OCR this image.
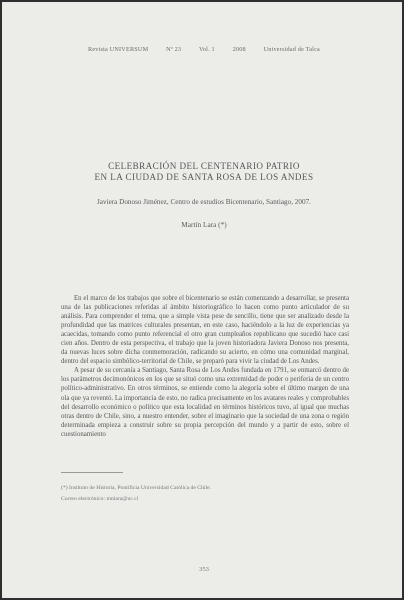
Revista UNIVERSUM	Nº 23	Vol. 1	2008	Universidad de Talca
CELEBRACIÓN DEL CENTENARIO PATRIO
EN LA CIUDAD DE SANTA ROSA DE LOS ANDES
Javiera Donoso Jiménez, Centro de estudios Bicentenario, Santiago, 2007.
Martín Lara (*)

En el marco de los trabajos que sobre el bicentenario se están comenzando a desarrollar, se presenta una de las publicaciones referidas al ámbito historiográfico lo hacen como punto articulador de su análisis. Para comprender el tema, que a simple vista pese de sencillo, tiene que ser analizado desde la profundidad que las matrices culturales presentan, en este caso, haciéndolo a la luz de experiencias ya acaecidas, tomando como punto referencial el otro gran cumpleaños republicano que sucedió hace casi cien años. Dentro de esta perspectiva, el trabajo que la joven historiadora Javiera Donoso nos presenta, da nuevas luces sobre dicha conmemoración, radicando su acierto, en cómo una comunidad marginal, dentro del espacio simbólico-territorial de Chile, se preparó para vivir la ciudad de Los Andes.

A pesar de su cercanía a Santiago, Santa Rosa de Los Andes fundada en 1791, se enmarcó dentro de los parámetros decimonónicos en los que se situó como una extremidad de poder o periferia de un centro político-administrativo. En otros términos, se entiende como la alegoría sobre el último margen de una ola que ya reventó. La importancia de esto, no radica precisamente en los avatares reales y comprobables del desarrollo económico o político que esta localidad en términos históricos tuvo, al igual que muchas otras dentro de Chile, sino, a nuestro entender, sobre el imaginario que la sociedad de una zona o región determinada empieza a construir sobre su propia percepción del mundo y a partir de esto, sobre el cuestionamiento

(*) Instituto de Historia, Pontificia Universidad Católica de Chile.
Correo electrónico: mnlara@uc.cl
353
